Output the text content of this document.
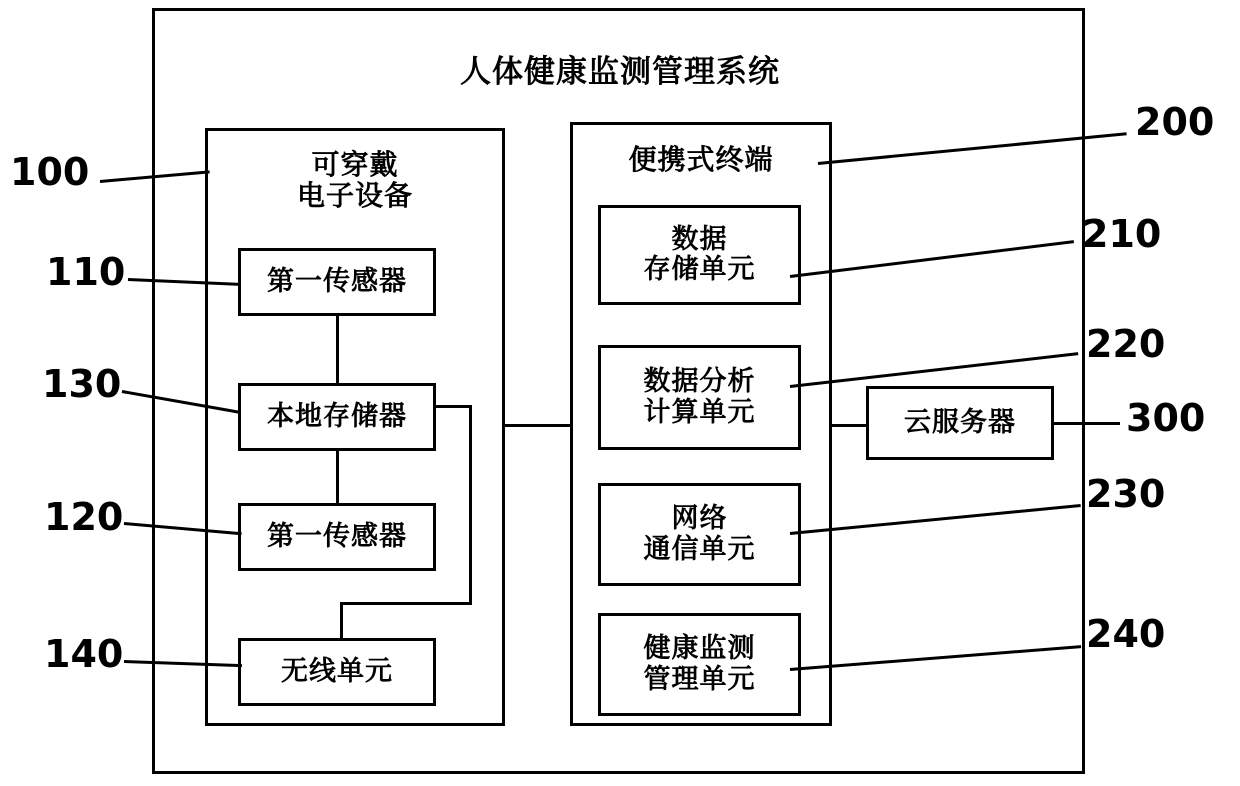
人体健康监测管理系统
可穿戴
电子设备
便携式终端
第一传感器
本地存储器
第一传感器
无线单元
数据
存储单元
数据分析
计算单元
网络
通信单元
健康监测
管理单元
云服务器
100
110
130
120
140
200
210
220
300
230
240
